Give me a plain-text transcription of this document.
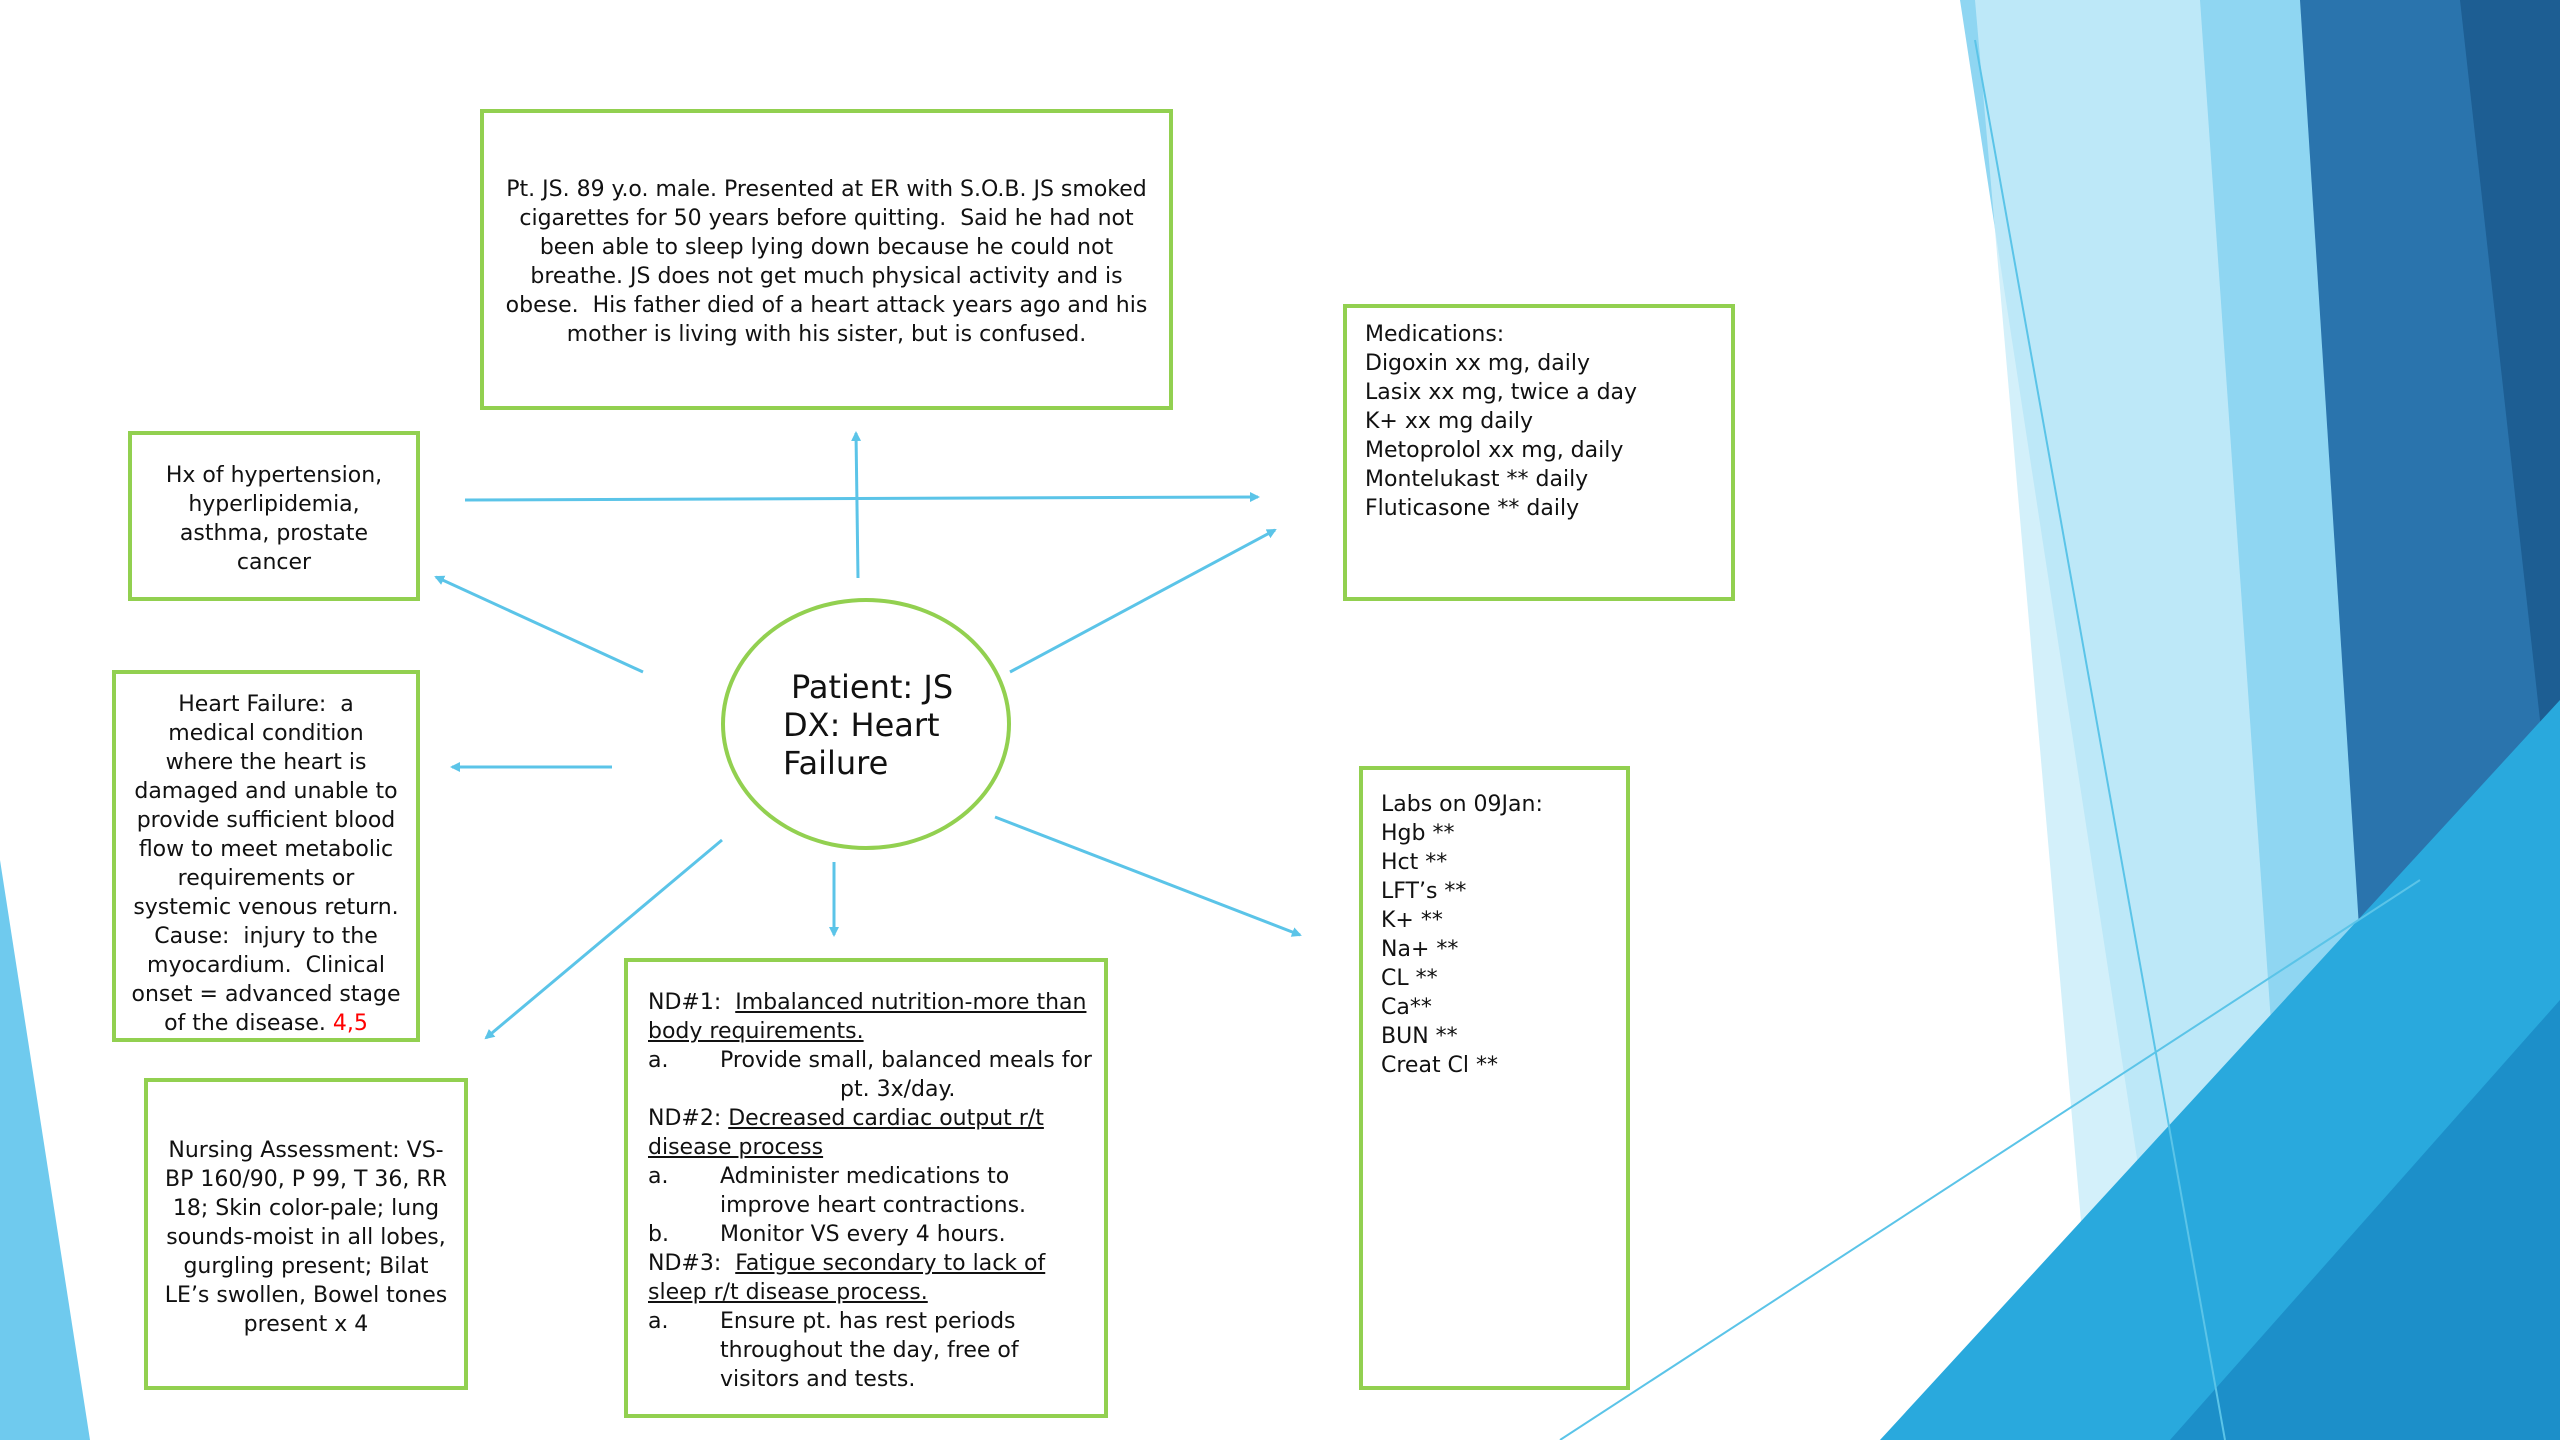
Pt. JS. 89 y.o. male. Presented at ER with S.O.B. JS smoked
cigarettes for 50 years before quitting.  Said he had not
been able to sleep lying down because he could not
breathe. JS does not get much physical activity and is
obese.  His father died of a heart attack years ago and his
mother is living with his sister, but is confused.
Hx of hypertension,
hyperlipidemia,
asthma, prostate
cancer
Heart Failure:  a
medical condition
where the heart is
damaged and unable to
provide sufficient blood
flow to meet metabolic
requirements or
systemic venous return.
Cause:  injury to the
myocardium.  Clinical
onset = advanced stage
of the disease. 4,5
Nursing Assessment: VS-
BP 160/90, P 99, T 36, RR
18; Skin color-pale; lung
sounds-moist in all lobes,
gurgling present; Bilat
LE’s swollen, Bowel tones
present x 4
Medications:
Digoxin xx mg, daily
Lasix xx mg, twice a day
K+ xx mg daily
Metoprolol xx mg, daily
Montelukast ** daily
Fluticasone ** daily
Labs on 09Jan:
Hgb **
Hct **
LFT’s **
K+ **
Na+ **
CL **
Ca**
BUN **
Creat Cl **
ND#1:  Imbalanced nutrition-more than
body requirements.
a.	Provide small, balanced meals for
pt. 3x/day.
ND#2: Decreased cardiac output r/t
disease process
a.	Administer medications to
improve heart contractions.
b.	Monitor VS every 4 hours.
ND#3:  Fatigue secondary to lack of
sleep r/t disease process.
a.	Ensure pt. has rest periods
throughout the day, free of
visitors and tests.
Patient: JS
DX: Heart
Failure
